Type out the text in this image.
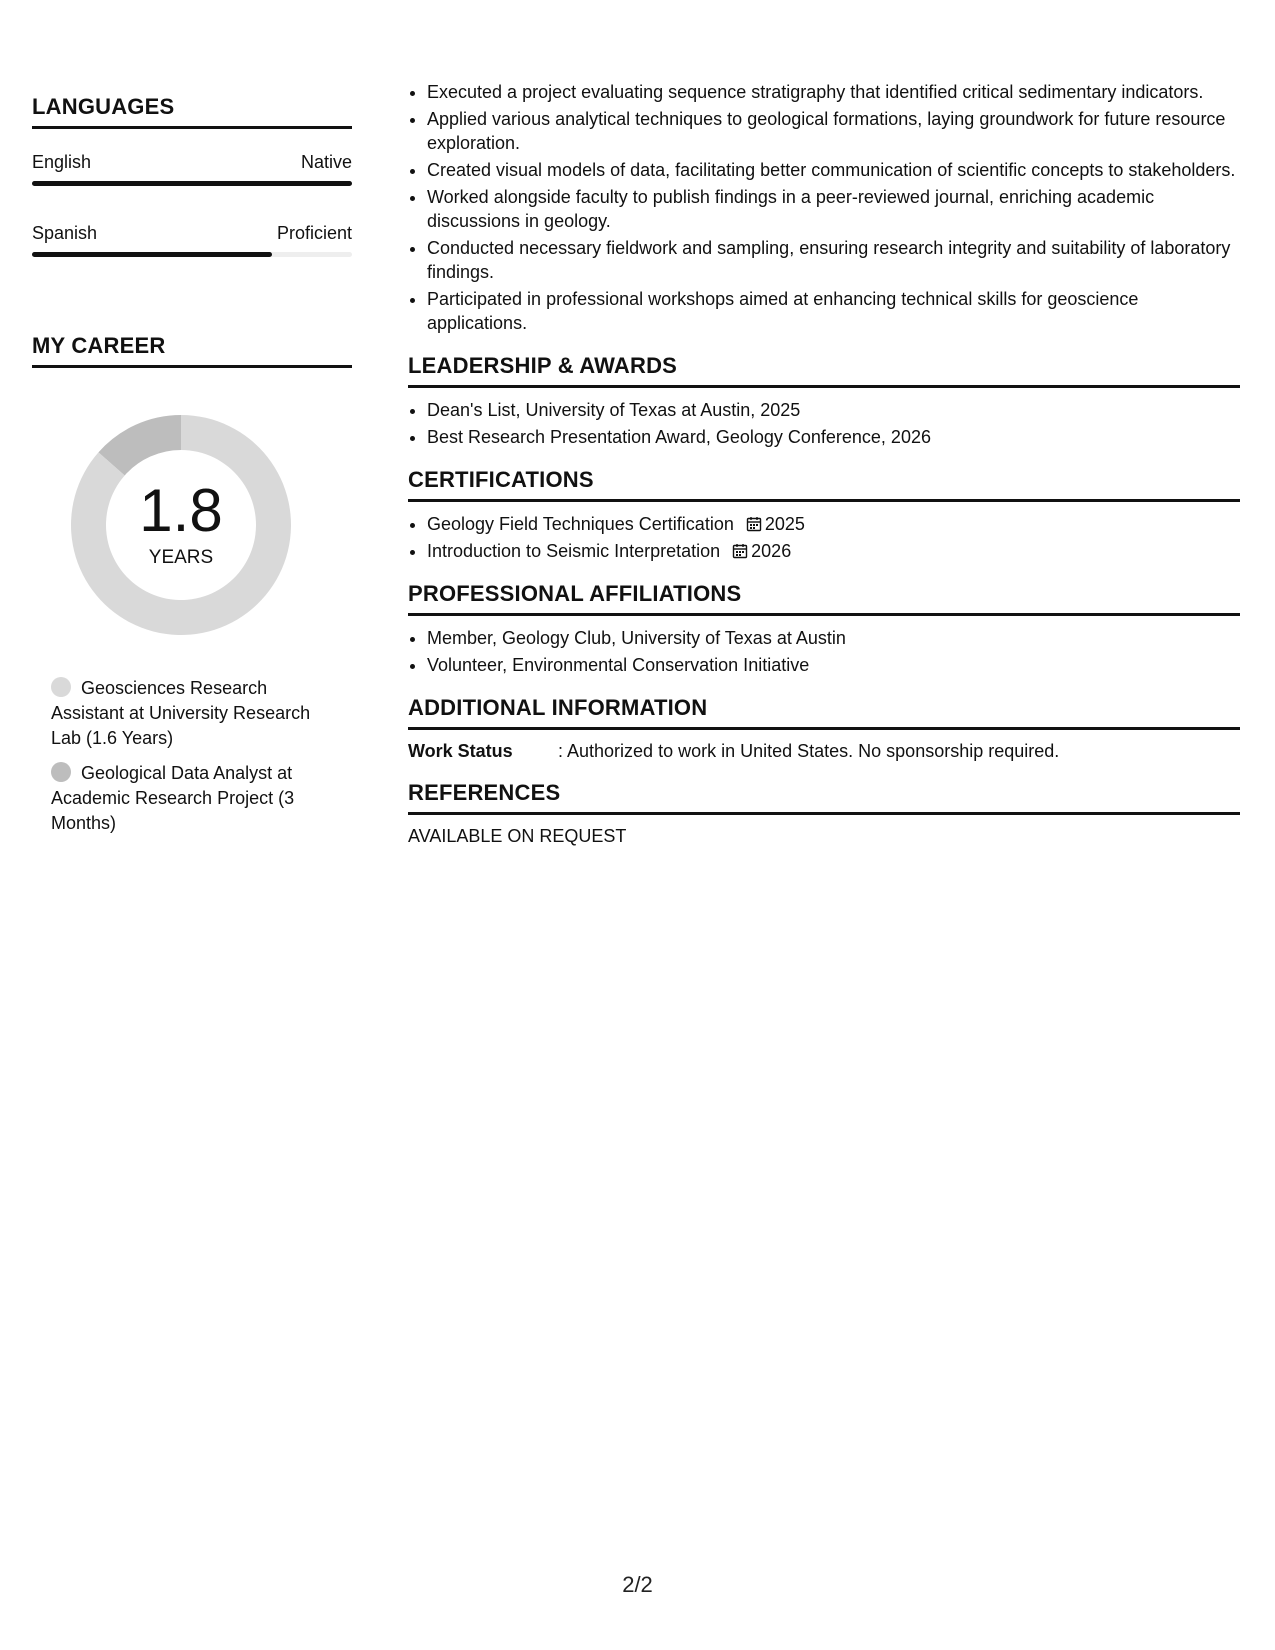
LANGUAGES
English	Native
Spanish	Proficient
MY CAREER
1.8
YEARS
Geosciences Research Assistant at University Research Lab (1.6 Years)
Geological Data Analyst at Academic Research Project (3 Months)
• Executed a project evaluating sequence stratigraphy that identified critical sedimentary indicators.
• Applied various analytical techniques to geological formations, laying groundwork for future resource exploration.
• Created visual models of data, facilitating better communication of scientific concepts to stakeholders.
• Worked alongside faculty to publish findings in a peer-reviewed journal, enriching academic discussions in geology.
• Conducted necessary fieldwork and sampling, ensuring research integrity and suitability of laboratory findings.
• Participated in professional workshops aimed at enhancing technical skills for geoscience applications.
LEADERSHIP & AWARDS
• Dean's List, University of Texas at Austin, 2025
• Best Research Presentation Award, Geology Conference, 2026
CERTIFICATIONS
• Geology Field Techniques Certification 2025
• Introduction to Seismic Interpretation 2026
PROFESSIONAL AFFILIATIONS
• Member, Geology Club, University of Texas at Austin
• Volunteer, Environmental Conservation Initiative
ADDITIONAL INFORMATION
Work Status	: Authorized to work in United States. No sponsorship required.
REFERENCES
AVAILABLE ON REQUEST
2/2
